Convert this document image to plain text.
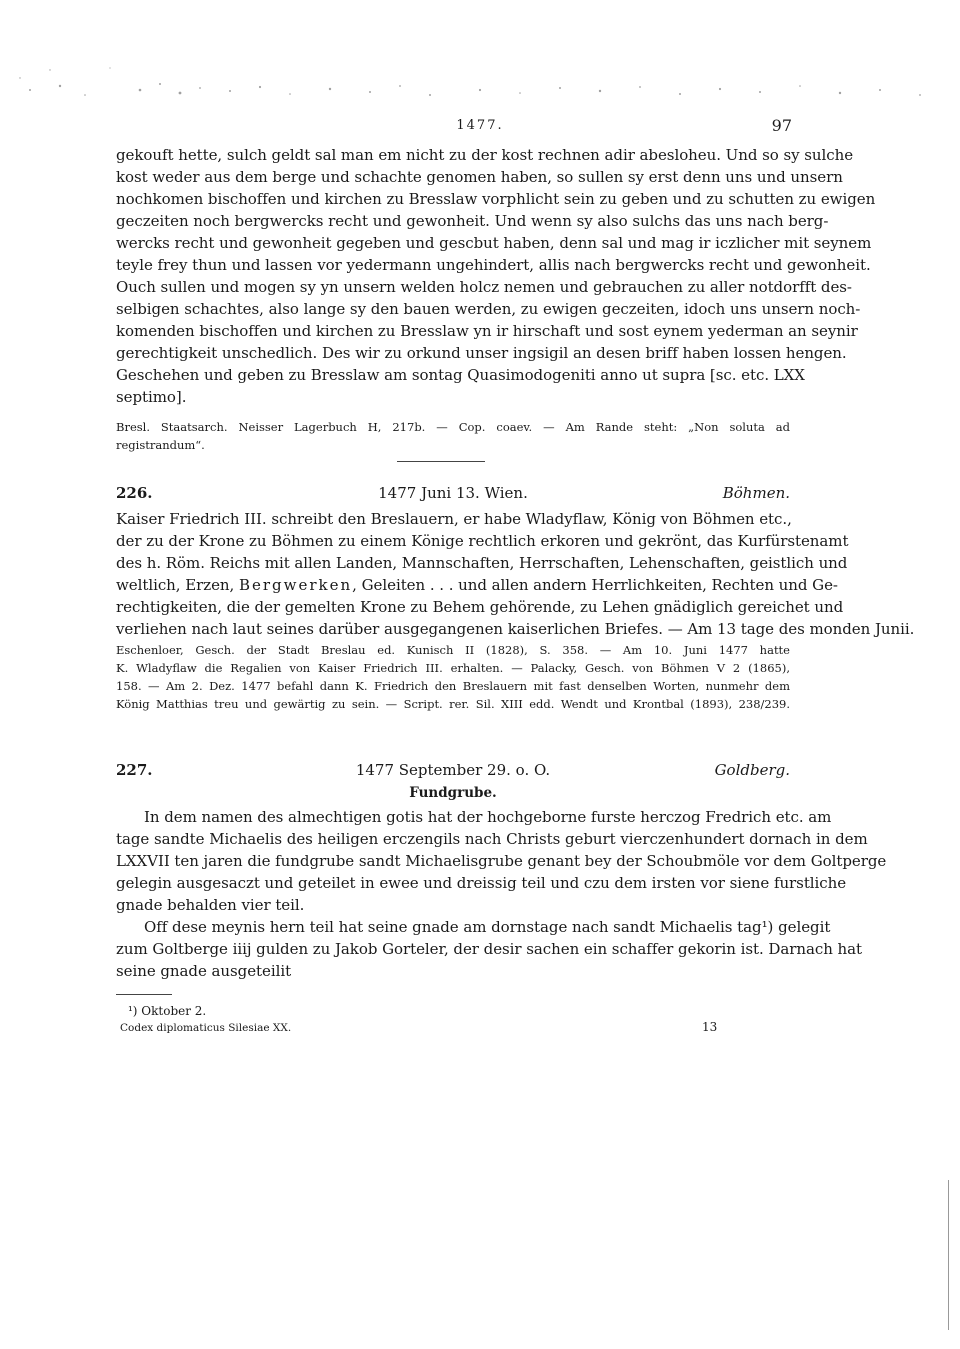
1477.	97
gekouft hette, sulch geldt sal man em nicht zu der kost rechnen adir abesloheu. Und so sy sulche
kost weder aus dem berge und schachte genomen haben, so sullen sy erst denn uns und unsern
nochkomen bischoffen und kirchen zu Bresslaw vorphlicht sein zu geben und zu schutten zu ewigen
geczeiten noch bergwercks recht und gewonheit. Und wenn sy also sulchs das uns nach berg-
wercks recht und gewonheit gegeben und gescbut haben, denn sal und mag ir iczlicher mit seynem
teyle frey thun und lassen vor yedermann ungehindert, allis nach bergwercks recht und gewonheit.
Ouch sullen und mogen sy yn unsern welden holcz nemen und gebrauchen zu aller notdorfft des-
selbigen schachtes, also lange sy den bauen werden, zu ewigen geczeiten, idoch uns unsern noch-
komenden bischoffen und kirchen zu Bresslaw yn ir hirschaft und sost eynem yederman an seynir
gerechtigkeit unschedlich. Des wir zu orkund unser ingsigil an desen briff haben lossen hengen.
Geschehen und geben zu Bresslaw am sontag Quasimodogeniti anno ut supra [sc. etc. LXX
septimo].
Bresl. Staatsarch. Neisser Lagerbuch H, 217b. — Cop. coaev. — Am Rande steht: „Non soluta ad
registrandum“.
226.	1477 Juni 13. Wien.	Böhmen.
Kaiser Friedrich III. schreibt den Breslauern, er habe Wladyflaw, König von Böhmen etc.,
der zu der Krone zu Böhmen zu einem Könige rechtlich erkoren und gekrönt, das Kurfürstenamt
des h. Röm. Reichs mit allen Landen, Mannschaften, Herrschaften, Lehenschaften, geistlich und
weltlich, Erzen, Bergwerken, Geleiten . . . und allen andern Herrlichkeiten, Rechten und Ge-
rechtigkeiten, die der gemelten Krone zu Behem gehörende, zu Lehen gnädiglich gereichet und
verliehen nach laut seines darüber ausgegangenen kaiserlichen Briefes. — Am 13 tage des monden Junii.
Eschenloer, Gesch. der Stadt Breslau ed. Kunisch II (1828), S. 358. — Am 10. Juni 1477 hatte
K. Wladyflaw die Regalien von Kaiser Friedrich III. erhalten. — Palacky, Gesch. von Böhmen V 2 (1865),
158. — Am 2. Dez. 1477 befahl dann K. Friedrich den Breslauern mit fast denselben Worten, nunmehr dem
König Matthias treu und gewärtig zu sein. — Script. rer. Sil. XIII edd. Wendt und Krontbal (1893), 238/239.
227.	1477 September 29. o. O.	Goldberg.
Fundgrube.
In dem namen des almechtigen gotis hat der hochgeborne furste herczog Fredrich etc. am
tage sandte Michaelis des heiligen erczengils nach Christs geburt vierczenhundert dornach in dem
LXXVII ten jaren die fundgrube sandt Michaelisgrube genant bey der Schoubmöle vor dem Goltperge
gelegin ausgesaczt und geteilet in ewee und dreissig teil und czu dem irsten vor siene furstliche
gnade behalden vier teil.
Off dese meynis hern teil hat seine gnade am dornstage nach sandt Michaelis tag¹) gelegit
zum Goltberge iiij gulden zu Jakob Gorteler, der desir sachen ein schaffer gekorin ist. Darnach hat
seine gnade ausgeteilit
¹) Oktober 2.
Codex diplomaticus Silesiae XX.	13
